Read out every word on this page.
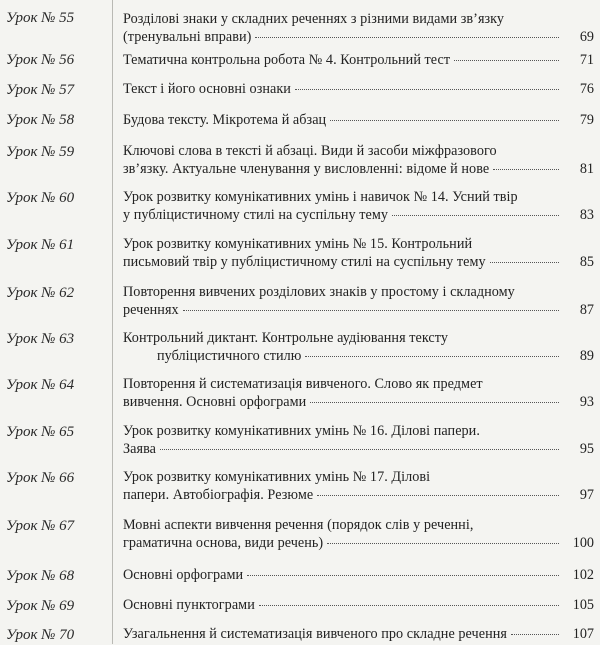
Урок № 55	Розділові знаки у складних реченнях з різними видами зв’язку
(тренувальні вправи)	69
Урок № 56	Тематична контрольна робота № 4. Контрольний тест	71
Урок № 57	Текст і його основні ознаки	76
Урок № 58	Будова тексту. Мікротема й абзац	79
Урок № 59	Ключові слова в тексті й абзаці. Види й засоби міжфразового
зв’язку. Актуальне членування у висловленні: відоме й нове	81
Урок № 60	Урок розвитку комунікативних умінь і навичок № 14. Усний твір
у публіцистичному стилі на суспільну тему	83
Урок № 61	Урок розвитку комунікативних умінь № 15. Контрольний
письмовий твір у публіцистичному стилі на суспільну тему	85
Урок № 62	Повторення вивчених розділових знаків у простому і складному
реченнях	87
Урок № 63	Контрольний диктант. Контрольне аудіювання тексту
публіцистичного стилю	89
Урок № 64	Повторення й систематизація вивченого. Слово як предмет
вивчення. Основні орфограми	93
Урок № 65	Урок розвитку комунікативних умінь № 16. Ділові папери.
Заява	95
Урок № 66	Урок розвитку комунікативних умінь № 17. Ділові
папери. Автобіографія. Резюме	97
Урок № 67	Мовні аспекти вивчення речення (порядок слів у реченні,
граматична основа, види речень)	100
Урок № 68	Основні орфограми	102
Урок № 69	Основні пунктограми	105
Урок № 70	Узагальнення й систематизація вивченого про складне речення	107
